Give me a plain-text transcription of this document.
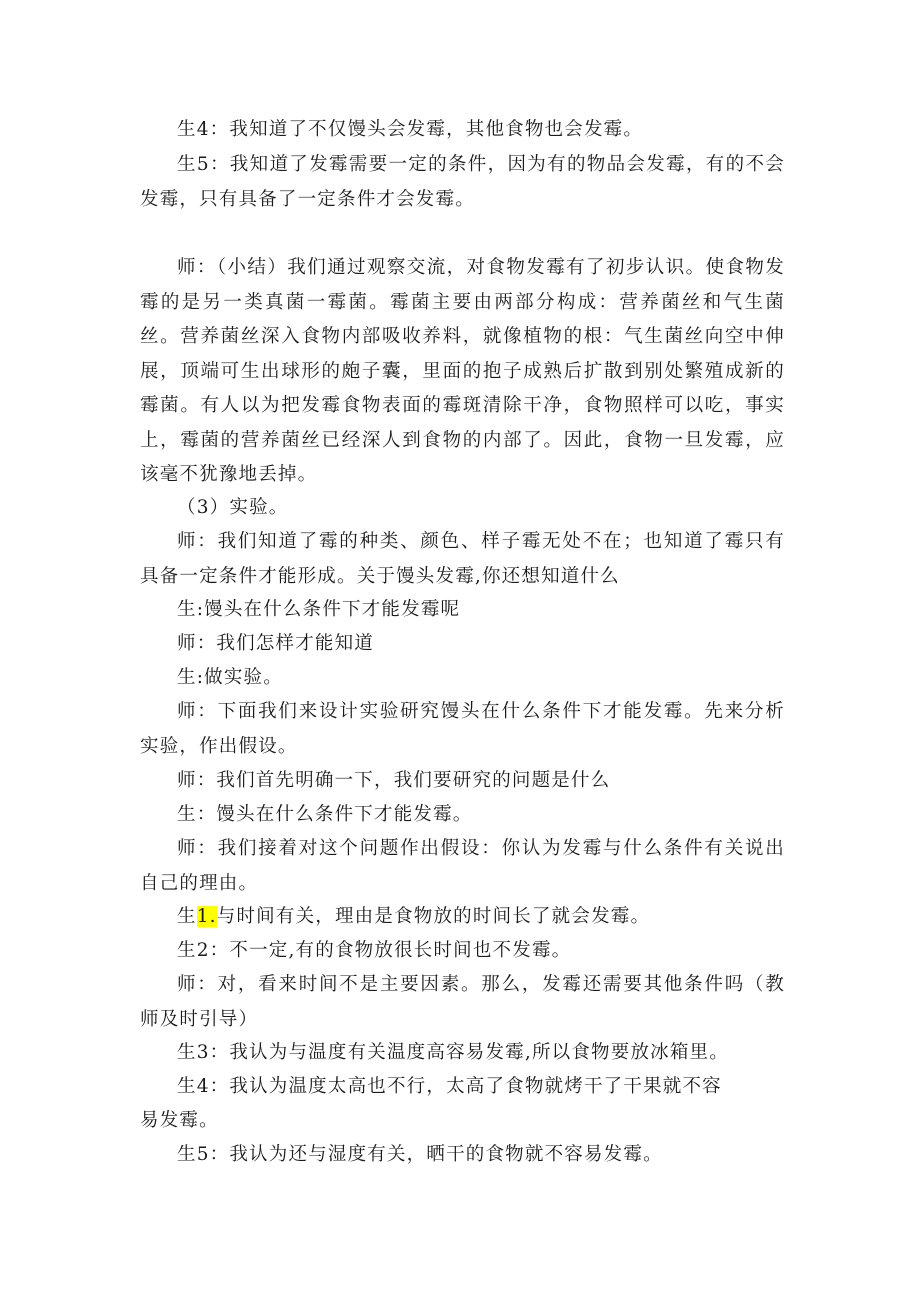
生4：我知道了不仅馒头会发霉，其他食物也会发霉。

生5：我知道了发霉需要一定的条件，因为有的物品会发霉，有的不会发霉，只有具备了一定条件才会发霉。

师：（小结）我们通过观察交流，对食物发霉有了初步认识。使食物发霉的是另一类真菌一霉菌。霉菌主要由两部分构成：营养菌丝和气生菌丝。营养菌丝深入食物内部吸收养料，就像植物的根：气生菌丝向空中伸展，顶端可生出球形的皰子囊，里面的抱子成熟后扩散到别处繁殖成新的霉菌。有人以为把发霉食物表面的霉斑清除干净，食物照样可以吃，事实上，霉菌的营养菌丝已经深人到食物的内部了。因此，食物一旦发霉，应该毫不犹豫地丢掉。

（3）实验。

师：我们知道了霉的种类、颜色、样子霉无处不在；也知道了霉只有具备一定条件才能形成。关于馒头发霉,你还想知道什么

生:馒头在什么条件下才能发霉呢

师：我们怎样才能知道

生:做实验。

师：下面我们来设计实验研究馒头在什么条件下才能发霉。先来分析实验，作出假设。

师：我们首先明确一下，我们要研究的问题是什么

生：馒头在什么条件下才能发霉。

师：我们接着对这个问题作出假设：你认为发霉与什么条件有关说出自己的理由。

生1.与时间有关，理由是食物放的时间长了就会发霉。

生2：不一定,有的食物放很长时间也不发霉。

师：对，看来时间不是主要因素。那么，发霉还需要其他条件吗（教师及时引导）

生3：我认为与温度有关温度高容易发霉,所以食物要放冰箱里。

生4：我认为温度太高也不行，太高了食物就烤干了干果就不容

易发霉。

生5：我认为还与湿度有关，晒干的食物就不容易发霉。
